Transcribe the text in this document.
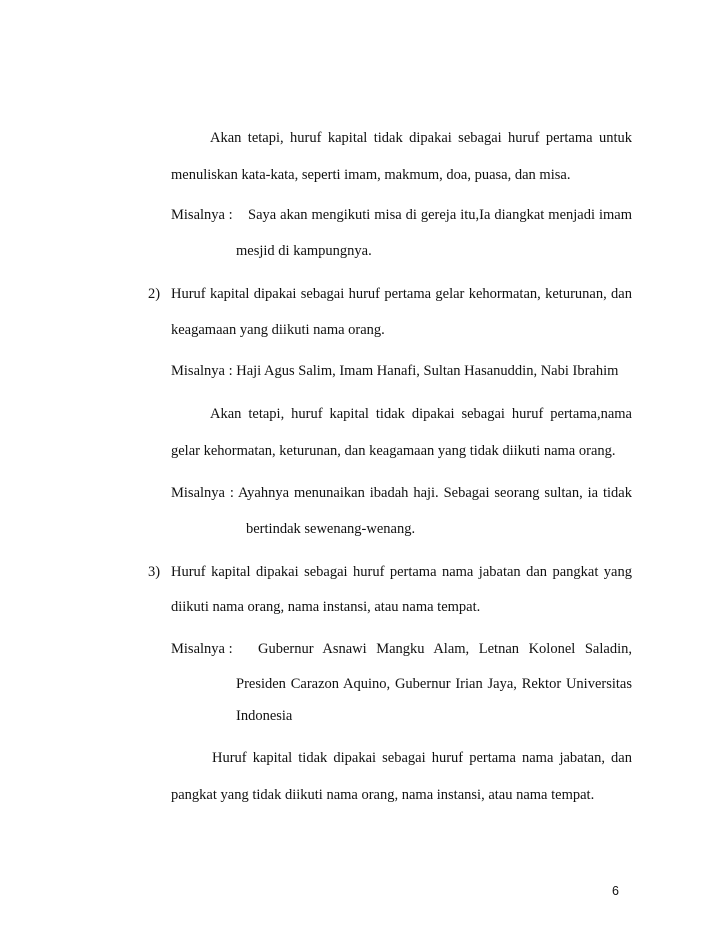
Akan tetapi, huruf kapital tidak dipakai sebagai huruf pertama untuk
menuliskan kata-kata, seperti imam, makmum, doa, puasa, dan misa.
Misalnya : Saya akan mengikuti misa di gereja itu,Ia diangkat menjadi imam
mesjid di kampungnya.
2) Huruf kapital dipakai sebagai huruf pertama gelar kehormatan, keturunan, dan
keagamaan yang diikuti nama orang.
Misalnya : Haji Agus Salim, Imam Hanafi, Sultan Hasanuddin, Nabi Ibrahim
Akan tetapi, huruf kapital tidak dipakai sebagai huruf pertama,nama
gelar kehormatan, keturunan, dan keagamaan yang tidak diikuti nama orang.
Misalnya : Ayahnya menunaikan ibadah haji. Sebagai seorang sultan, ia tidak
bertindak sewenang-wenang.
3) Huruf kapital dipakai sebagai huruf pertama nama jabatan dan pangkat yang
diikuti nama orang, nama instansi, atau nama tempat.
Misalnya : Gubernur Asnawi Mangku Alam, Letnan Kolonel Saladin,
Presiden Carazon Aquino, Gubernur Irian Jaya, Rektor Universitas
Indonesia
Huruf kapital tidak dipakai sebagai huruf pertama nama jabatan, dan
pangkat yang tidak diikuti nama orang, nama instansi, atau nama tempat.
6
